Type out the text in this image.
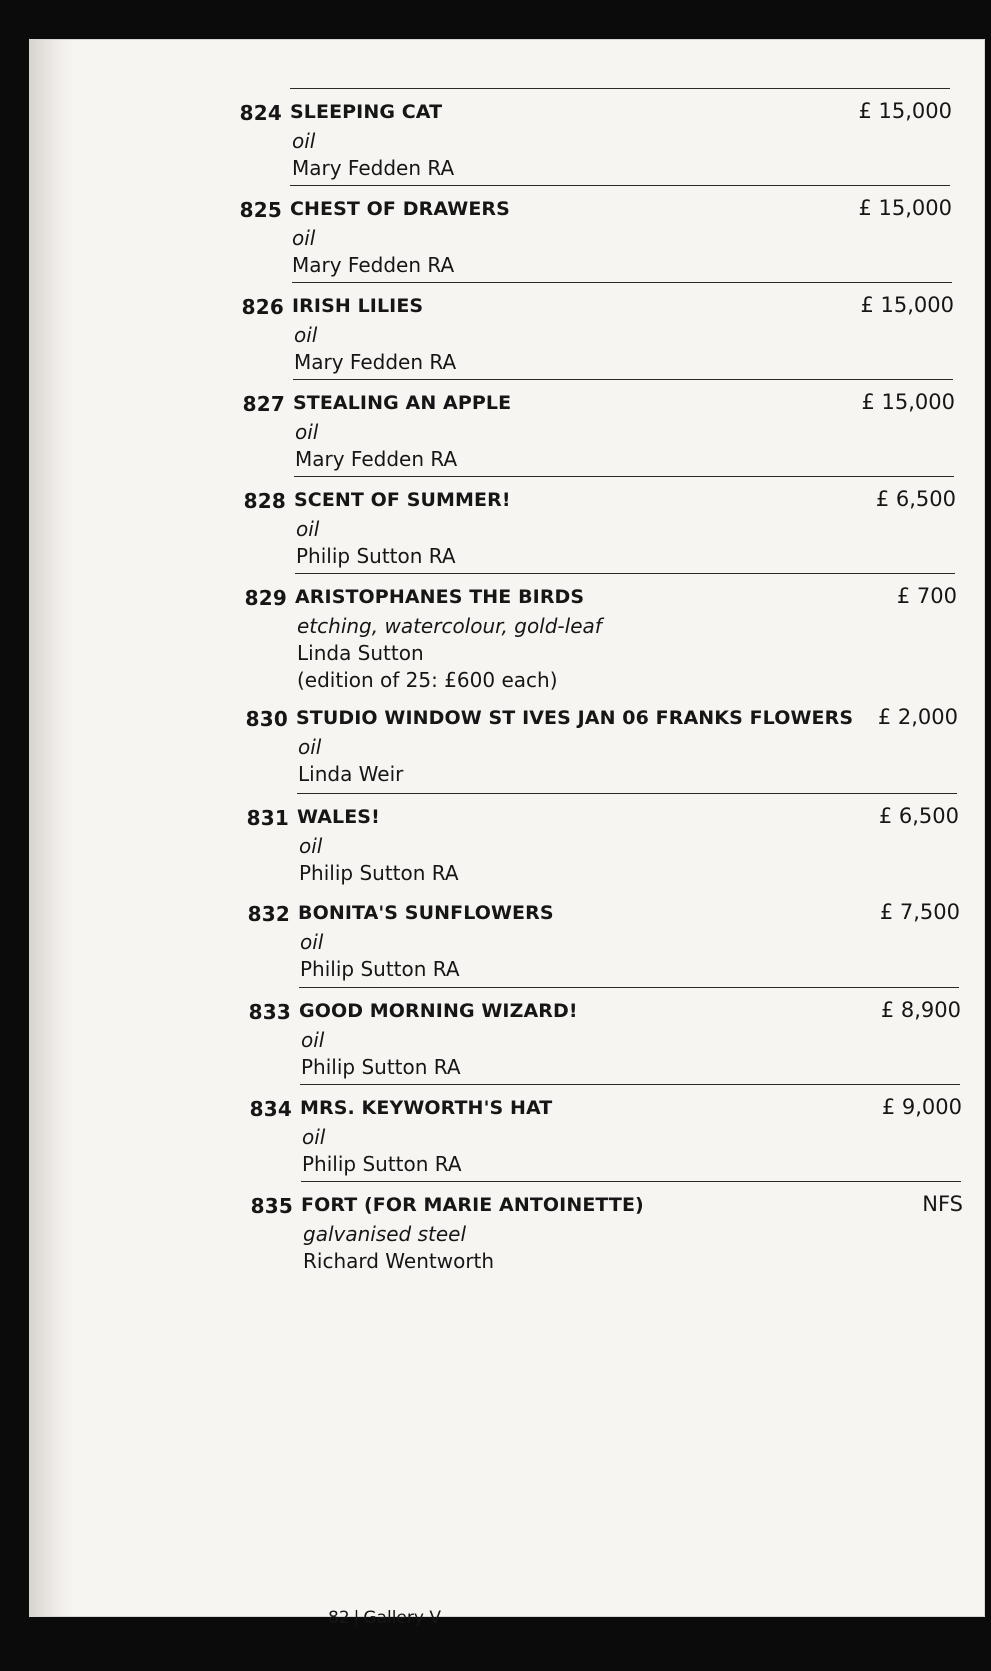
824 SLEEPING CAT
oil
Mary Fedden RA
£ 15,000
825 CHEST OF DRAWERS
oil
Mary Fedden RA
£ 15,000
826 IRISH LILIES
oil
Mary Fedden RA
£ 15,000
827 STEALING AN APPLE
oil
Mary Fedden RA
£ 15,000
828 SCENT OF SUMMER!
oil
Philip Sutton RA
£ 6,500
829 ARISTOPHANES THE BIRDS
etching, watercolour, gold-leaf
Linda Sutton
(edition of 25: £600 each)
£ 700
830 STUDIO WINDOW ST IVES JAN 06 FRANKS FLOWERS
oil
Linda Weir
£ 2,000
831 WALES!
oil
Philip Sutton RA
£ 6,500
832 BONITA'S SUNFLOWERS
oil
Philip Sutton RA
£ 7,500
833 GOOD MORNING WIZARD!
oil
Philip Sutton RA
£ 8,900
834 MRS. KEYWORTH'S HAT
oil
Philip Sutton RA
£ 9,000
835 FORT (FOR MARIE ANTOINETTE)
galvanised steel
Richard Wentworth
NFS
82 | Gallery V
